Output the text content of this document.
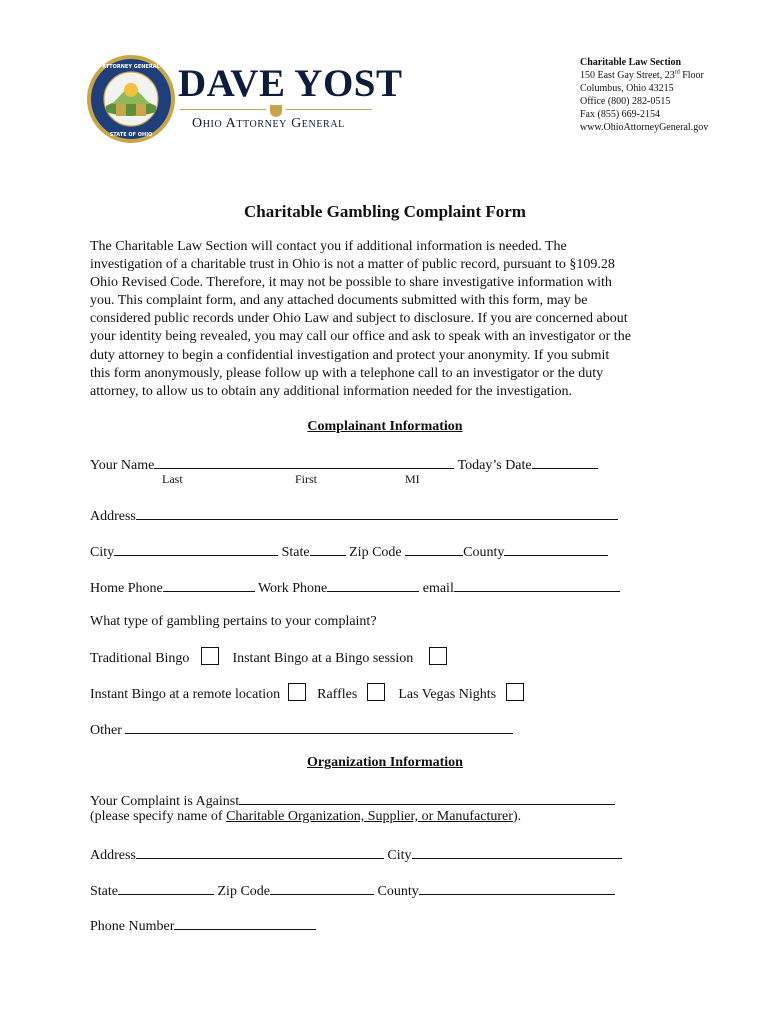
ATTORNEY GENERAL
STATE OF OHIO
DAVE YOST
Ohio Attorney General
Charitable Law Section
150 East Gay Street, 23rd Floor
Columbus, Ohio 43215
Office (800) 282-0515
Fax (855) 669-2154
www.OhioAttorneyGeneral.gov
Charitable Gambling Complaint Form
The Charitable Law Section will contact you if additional information is needed. The
investigation of a charitable trust in Ohio is not a matter of public record, pursuant to §109.28
Ohio Revised Code. Therefore, it may not be possible to share investigative information with
you. This complaint form, and any attached documents submitted with this form, may be
considered public records under Ohio Law and subject to disclosure. If you are concerned about
your identity being revealed, you may call our office and ask to speak with an investigator or the
duty attorney to begin a confidential investigation and protect your anonymity. If you submit
this form anonymously, please follow up with a telephone call to an investigator or the duty
attorney, to allow us to obtain any additional information needed for the investigation.
Complainant Information
Your Name	Today’s Date
Last	First	MI
Address
City	State	Zip Code	County
Home Phone	Work Phone	email
What type of gambling pertains to your complaint?
Traditional Bingo	Instant Bingo at a Bingo session
Instant Bingo at a remote location	Raffles	Las Vegas Nights
Other
Organization Information
Your Complaint is Against
(please specify name of Charitable Organization, Supplier, or Manufacturer).
Address	City
State	Zip Code	County
Phone Number
